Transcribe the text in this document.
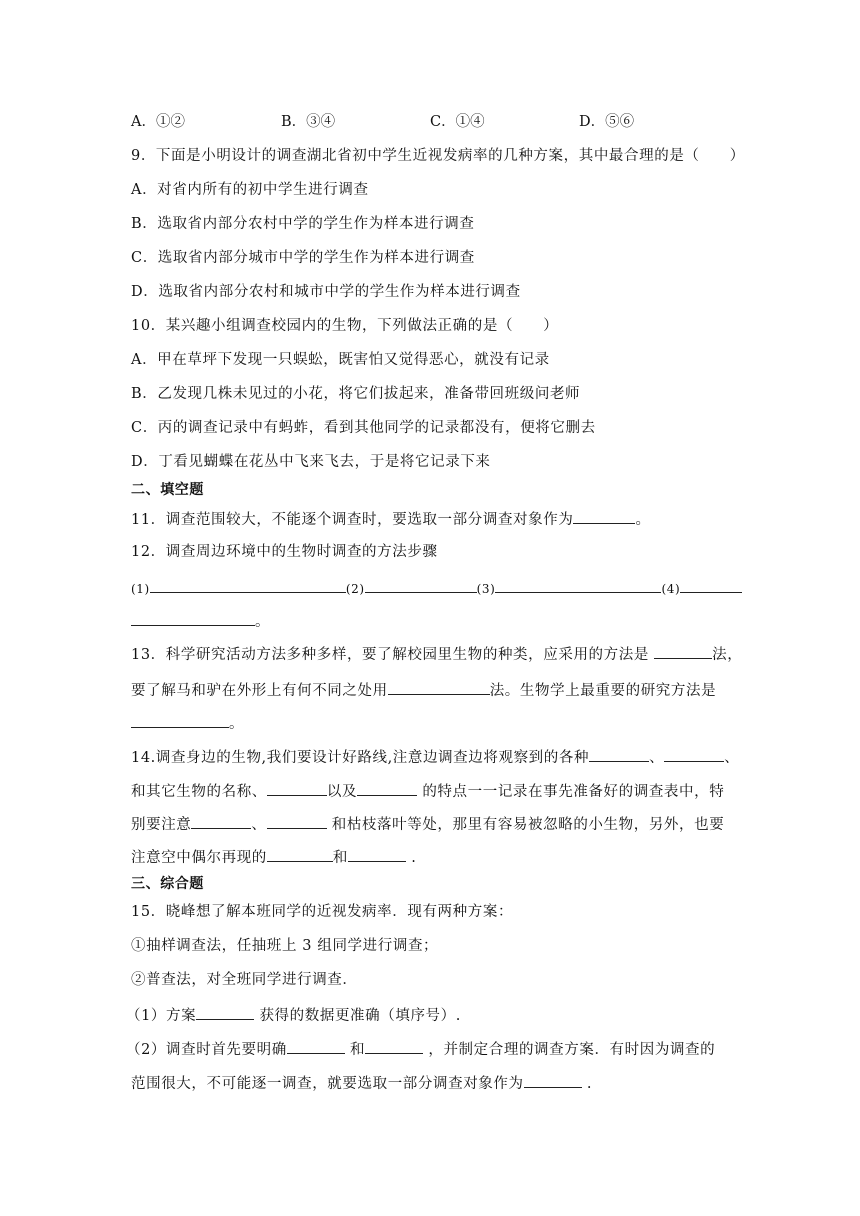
A．①②	B．③④	C．①④	D．⑤⑥
9．下面是小明设计的调查湖北省初中学生近视发病率的几种方案，其中最合理的是（　　）
A．对省内所有的初中学生进行调查
B．选取省内部分农村中学的学生作为样本进行调查
C．选取省内部分城市中学的学生作为样本进行调查
D．选取省内部分农村和城市中学的学生作为样本进行调查
10．某兴趣小组调查校园内的生物，下列做法正确的是（　　）
A．甲在草坪下发现一只蜈蚣，既害怕又觉得恶心，就没有记录
B．乙发现几株未见过的小花，将它们拔起来，准备带回班级问老师
C．丙的调查记录中有蚂蚱，看到其他同学的记录都没有，便将它删去
D．丁看见蝴蝶在花丛中飞来飞去，于是将它记录下来
二、填空题
11．调查范围较大，不能逐个调查时，要选取一部分调查对象作为	。
12．调查周边环境中的生物时调查的方法步骤
(1)	(2)	(3)	(4)
。
13．科学研究活动方法多种多样，要了解校园里生物的种类，应采用的方法是	法，
要了解马和驴在外形上有何不同之处用	法。生物学上最重要的研究方法是
。
14.调查身边的生物,我们要设计好路线,注意边调查边将观察到的各种	、	、
和其它生物的名称、	以及	的特点一一记录在事先准备好的调查表中，特
别要注意	、	和枯枝落叶等处，那里有容易被忽略的小生物，另外，也要
注意空中偶尔再现的	和	.
三、综合题
15．晓峰想了解本班同学的近视发病率．现有两种方案：
①抽样调查法，任抽班上 3 组同学进行调查；
②普查法，对全班同学进行调查．
（1）方案	获得的数据更准确（填序号）.
（2）调查时首先要明确	和	，并制定合理的调查方案．有时因为调查的
范围很大，不可能逐一调查，就要选取一部分调查对象作为	.
